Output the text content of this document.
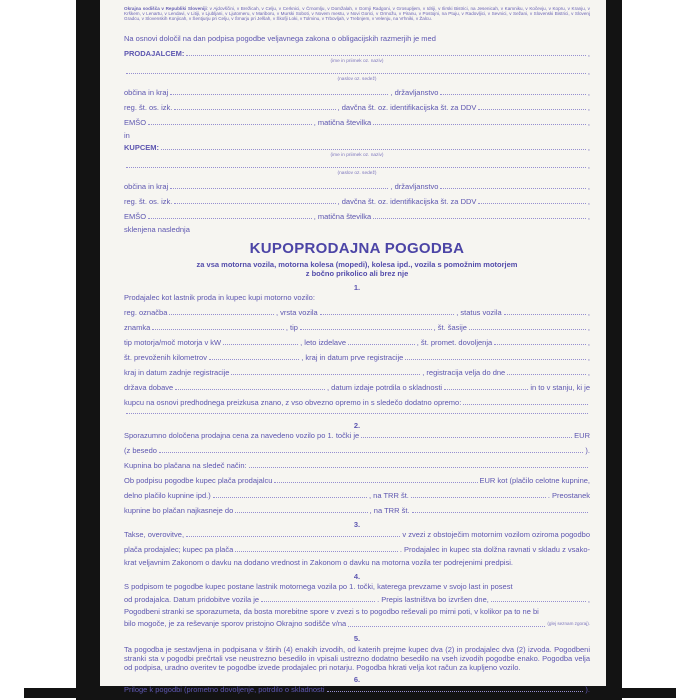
Okrajna sodišča v Republiki Sloveniji: v Ajdovščini, v Brežicah, v Celju, v Cerknici, v Črnomlju, v Domžalah, v Gornji Radgoni, v Grosupljem, v Idriji, v Ilirski Bistrici, na Jesenicah, v Kamniku, v Kočevju, v Kopru, v Kranju, v Krškem, v Lenartu, v Lendavi, v Litiji, v Ljubljani, v Ljutomeru, v Mariboru, v Murski Soboti, v Novem mestu, v Novi Gorici, v Ormožu, v Piranu, v Postojni, na Ptuju, v Radovljici, v Sevnici, v Sežani, v Slovenski Bistrici, v Slovenj Gradcu, v Slovenskih Konjicah, v Šentjurju pri Celju, v Šmarju pri Jelšah, v Škofji Loki, v Tolminu, v Trbovljah, v Trebnjem, v Velenju, na Vrhniki, v Žalcu.
Na osnovi določil na dan podpisa pogodbe veljavnega zakona o obligacijskih razmerjih je med
PRODAJALCEM:	,
(ime in priimek oz. naziv)
,
(naslov oz. sedež)
občina in kraj	, državljanstvo	,
reg. št. os. izk.	, davčna št. oz. identifikacijska št. za DDV	,
EMŠO	, matična številka	,
in
KUPCEM:	,
(ime in priimek oz. naziv)
,
(naslov oz. sedež)
občina in kraj	, državljanstvo	,
reg. št. os. izk.	, davčna št. oz. identifikacijska št. za DDV	,
EMŠO	, matična številka	,
sklenjena naslednja
KUPOPRODAJNA POGODBA
za vsa motorna vozila, motorna kolesa (mopedi), kolesa ipd., vozila s pomožnim motorjem
z bočno prikolico ali brez nje
1.
Prodajalec kot lastnik proda in kupec kupi motorno vozilo:
reg. označba	, vrsta vozila	, status vozila	,
znamka	, tip	, št. šasije	,
tip motorja/moč motorja v kW	, leto izdelave	, št. promet. dovoljenja	,
št. prevoženih kilometrov	, kraj in datum prve registracije	,
kraj in datum zadnje registracije	, registracija velja do dne	,
država dobave	, datum izdaje potrdila o skladnosti	in to v stanju, ki je
kupcu na osnovi predhodnega preizkusa znano, z vso obvezno opremo in s sledečo dodatno opremo:
2.
Sporazumno določena prodajna cena za navedeno vozilo po 1. točki je	EUR
(z besedo	).
Kupnina bo plačana na sledeč način:
Ob podpisu pogodbe kupec plača prodajalcu	EUR kot (plačilo celotne kupnine,
delno plačilo kupnine ipd.)	, na TRR št.	. Preostanek
kupnine bo plačan najkasneje do	, na TRR št.
3.
Takse, overovitve,	v zvezi z obstoječim motornim vozilom oziroma pogodbo
plača prodajalec; kupec pa plača	. Prodajalec in kupec sta dolžna ravnati v skladu z vsako-
krat veljavnim Zakonom o davku na dodano vrednost in Zakonom o davku na motorna vozila ter podrejenimi predpisi.
4.
S podpisom te pogodbe kupec postane lastnik motornega vozila po 1. točki, katerega prevzame v svojo last in posest
od prodajalca. Datum pridobitve vozila je	. Prepis lastništva bo izvršen dne,	,
Pogodbeni stranki se sporazumeta, da bosta morebitne spore v zvezi s to pogodbo reševali po mirni poti, v kolikor pa to ne bi
bilo mogoče, je za reševanje sporov pristojno Okrajno sodišče v/na	(glej seznam zgoraj).
5.
Ta pogodba je sestavljena in podpisana v štirih (4) enakih izvodih, od katerih prejme kupec dva (2) in prodajalec dva (2) izvoda. Pogodbeni stranki sta v pogodbi prečrtali vse neustrezno besedilo in vpisali ustrezno dodatno besedilo na vseh izvodih pogodbe enako. Pogodba velja od podpisa, uradno overitev te pogodbe izvede prodajalec pri notarju. Pogodba hkrati velja kot račun za kupljeno vozilo.
6.
Priloge k pogodbi (prometno dovoljenje, potrdilo o skladnosti	).
